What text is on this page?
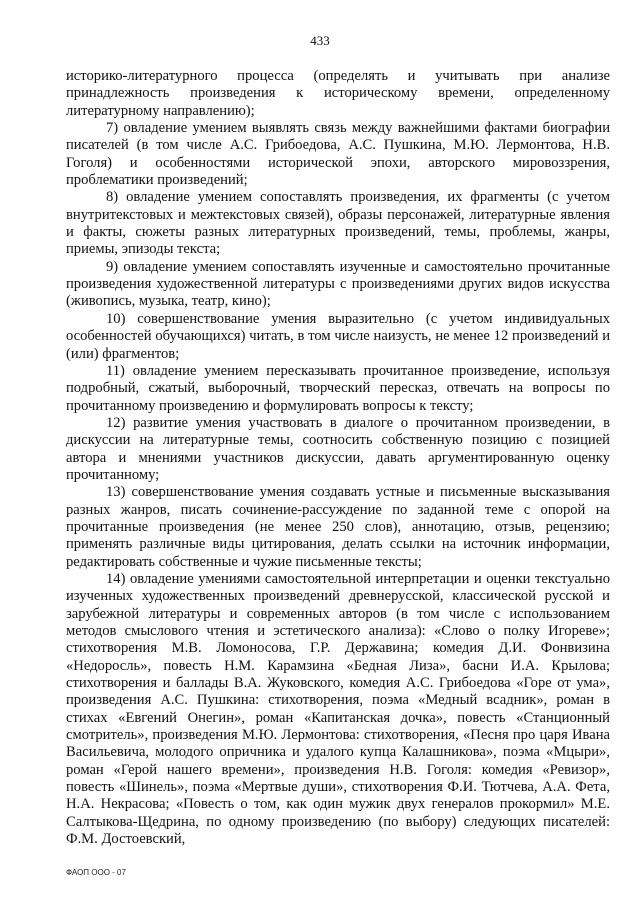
433

историко-литературного процесса (определять и учитывать при анализе принадлежность произведения к историческому времени, определенному литературному направлению);

7) овладение умением выявлять связь между важнейшими фактами биографии писателей (в том числе А.С. Грибоедова, А.С. Пушкина, М.Ю. Лермонтова, Н.В. Гоголя) и особенностями исторической эпохи, авторского мировоззрения, проблематики произведений;

8) овладение умением сопоставлять произведения, их фрагменты (с учетом внутритекстовых и межтекстовых связей), образы персонажей, литературные явления и факты, сюжеты разных литературных произведений, темы, проблемы, жанры, приемы, эпизоды текста;

9) овладение умением сопоставлять изученные и самостоятельно прочитанные произведения художественной литературы с произведениями других видов искусства (живопись, музыка, театр, кино);

10) совершенствование умения выразительно (с учетом индивидуальных особенностей обучающихся) читать, в том числе наизусть, не менее 12 произведений и (или) фрагментов;

11) овладение умением пересказывать прочитанное произведение, используя подробный, сжатый, выборочный, творческий пересказ, отвечать на вопросы по прочитанному произведению и формулировать вопросы к тексту;

12) развитие умения участвовать в диалоге о прочитанном произведении, в дискуссии на литературные темы, соотносить собственную позицию с позицией автора и мнениями участников дискуссии, давать аргументированную оценку прочитанному;

13) совершенствование умения создавать устные и письменные высказывания разных жанров, писать сочинение-рассуждение по заданной теме с опорой на прочитанные произведения (не менее 250 слов), аннотацию, отзыв, рецензию; применять различные виды цитирования, делать ссылки на источник информации, редактировать собственные и чужие письменные тексты;

14) овладение умениями самостоятельной интерпретации и оценки текстуально изученных художественных произведений древнерусской, классической русской и зарубежной литературы и современных авторов (в том числе с использованием методов смыслового чтения и эстетического анализа): «Слово о полку Игореве»; стихотворения М.В. Ломоносова, Г.Р. Державина; комедия Д.И. Фонвизина «Недоросль», повесть Н.М. Карамзина «Бедная Лиза», басни И.А. Крылова; стихотворения и баллады В.А. Жуковского, комедия А.С. Грибоедова «Горе от ума», произведения А.С. Пушкина: стихотворения, поэма «Медный всадник», роман в стихах «Евгений Онегин», роман «Капитанская дочка», повесть «Станционный смотритель», произведения М.Ю. Лермонтова: стихотворения, «Песня про царя Ивана Васильевича, молодого опричника и удалого купца Калашникова», поэма «Мцыри», роман «Герой нашего времени», произведения Н.В. Гоголя: комедия «Ревизор», повесть «Шинель», поэма «Мертвые души», стихотворения Ф.И. Тютчева, А.А. Фета, Н.А. Некрасова; «Повесть о том, как один мужик двух генералов прокормил» М.Е. Салтыкова-Щедрина, по одному произведению (по выбору) следующих писателей: Ф.М. Достоевский,

ФАОП ООО - 07
